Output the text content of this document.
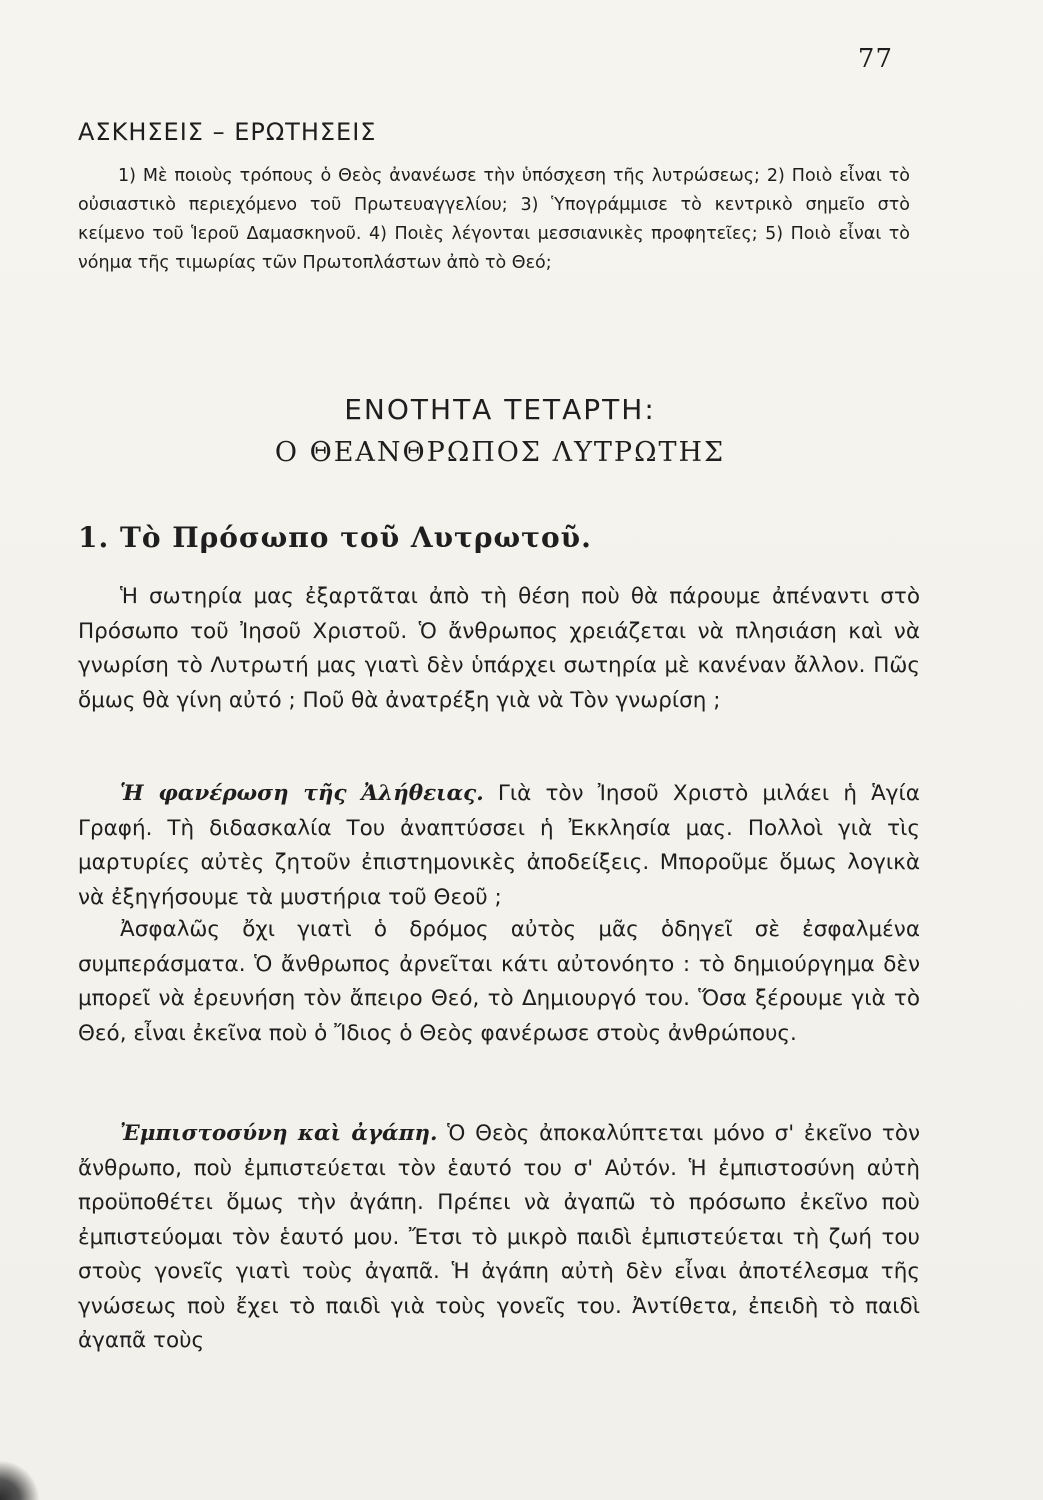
77
ΑΣΚΗΣΕΙΣ – ΕΡΩΤΗΣΕΙΣ
1) Μὲ ποιοὺς τρόπους ὁ Θεὸς ἀνανέωσε τὴν ὑπόσχεση τῆς λυτρώσεως; 2) Ποιὸ εἶναι τὸ οὐσιαστικὸ περιεχόμενο τοῦ Πρωτευαγγελίου; 3) Ὑπογράμμισε τὸ κεντρικὸ σημεῖο στὸ κείμενο τοῦ Ἱεροῦ Δαμασκηνοῦ. 4) Ποιὲς λέγονται μεσσιανικὲς προφητεῖες; 5) Ποιὸ εἶναι τὸ νόημα τῆς τιμωρίας τῶν Πρωτοπλάστων ἀπὸ τὸ Θεό;
ΕΝΟΤΗΤΑ ΤΕΤΑΡΤΗ:
Ο ΘΕΑΝΘΡΩΠΟΣ ΛΥΤΡΩΤΗΣ
1. Τὸ Πρόσωπο τοῦ Λυτρωτοῦ.
Ἡ σωτηρία μας ἐξαρτᾶται ἀπὸ τὴ θέση ποὺ θὰ πάρουμε ἀπέναντι στὸ Πρόσωπο τοῦ Ἰησοῦ Χριστοῦ. Ὁ ἄνθρωπος χρειάζεται νὰ πλησιάση καὶ νὰ γνωρίση τὸ Λυτρωτή μας γιατὶ δὲν ὑπάρχει σωτηρία μὲ κανέναν ἄλλον. Πῶς ὅμως θὰ γίνη αὐτό ; Ποῦ θὰ ἀνατρέξη γιὰ νὰ Τὸν γνωρίση ;
Ἡ φανέρωση τῆς Ἀλήθειας. Γιὰ τὸν Ἰησοῦ Χριστὸ μιλάει ἡ Ἁγία Γραφή. Τὴ διδασκαλία Του ἀναπτύσσει ἡ Ἐκκλησία μας. Πολλοὶ γιὰ τὶς μαρτυρίες αὐτὲς ζητοῦν ἐπιστημονικὲς ἀποδείξεις. Μποροῦμε ὅμως λογικὰ νὰ ἐξηγήσουμε τὰ μυστήρια τοῦ Θεοῦ ;
Ἀσφαλῶς ὄχι γιατὶ ὁ δρόμος αὐτὸς μᾶς ὁδηγεῖ σὲ ἐσφαλμένα συμπεράσματα. Ὁ ἄνθρωπος ἀρνεῖται κάτι αὐτονόητο : τὸ δημιούργημα δὲν μπορεῖ νὰ ἐρευνήση τὸν ἄπειρο Θεό, τὸ Δημιουργό του. Ὅσα ξέρουμε γιὰ τὸ Θεό, εἶναι ἐκεῖνα ποὺ ὁ Ἴδιος ὁ Θεὸς φανέρωσε στοὺς ἀνθρώπους.
Ἐμπιστοσύνη καὶ ἀγάπη. Ὁ Θεὸς ἀποκαλύπτεται μόνο σ' ἐκεῖνο τὸν ἄνθρωπο, ποὺ ἐμπιστεύεται τὸν ἑαυτό του σ' Αὐτόν. Ἡ ἐμπιστοσύνη αὐτὴ προϋποθέτει ὅμως τὴν ἀγάπη. Πρέπει νὰ ἀγαπῶ τὸ πρόσωπο ἐκεῖνο ποὺ ἐμπιστεύομαι τὸν ἑαυτό μου. Ἔτσι τὸ μικρὸ παιδὶ ἐμπιστεύεται τὴ ζωή του στοὺς γονεῖς γιατὶ τοὺς ἀγαπᾶ. Ἡ ἀγάπη αὐτὴ δὲν εἶναι ἀποτέλεσμα τῆς γνώσεως ποὺ ἔχει τὸ παιδὶ γιὰ τοὺς γονεῖς του. Ἀντίθετα, ἐπειδὴ τὸ παιδὶ ἀγαπᾶ τοὺς
